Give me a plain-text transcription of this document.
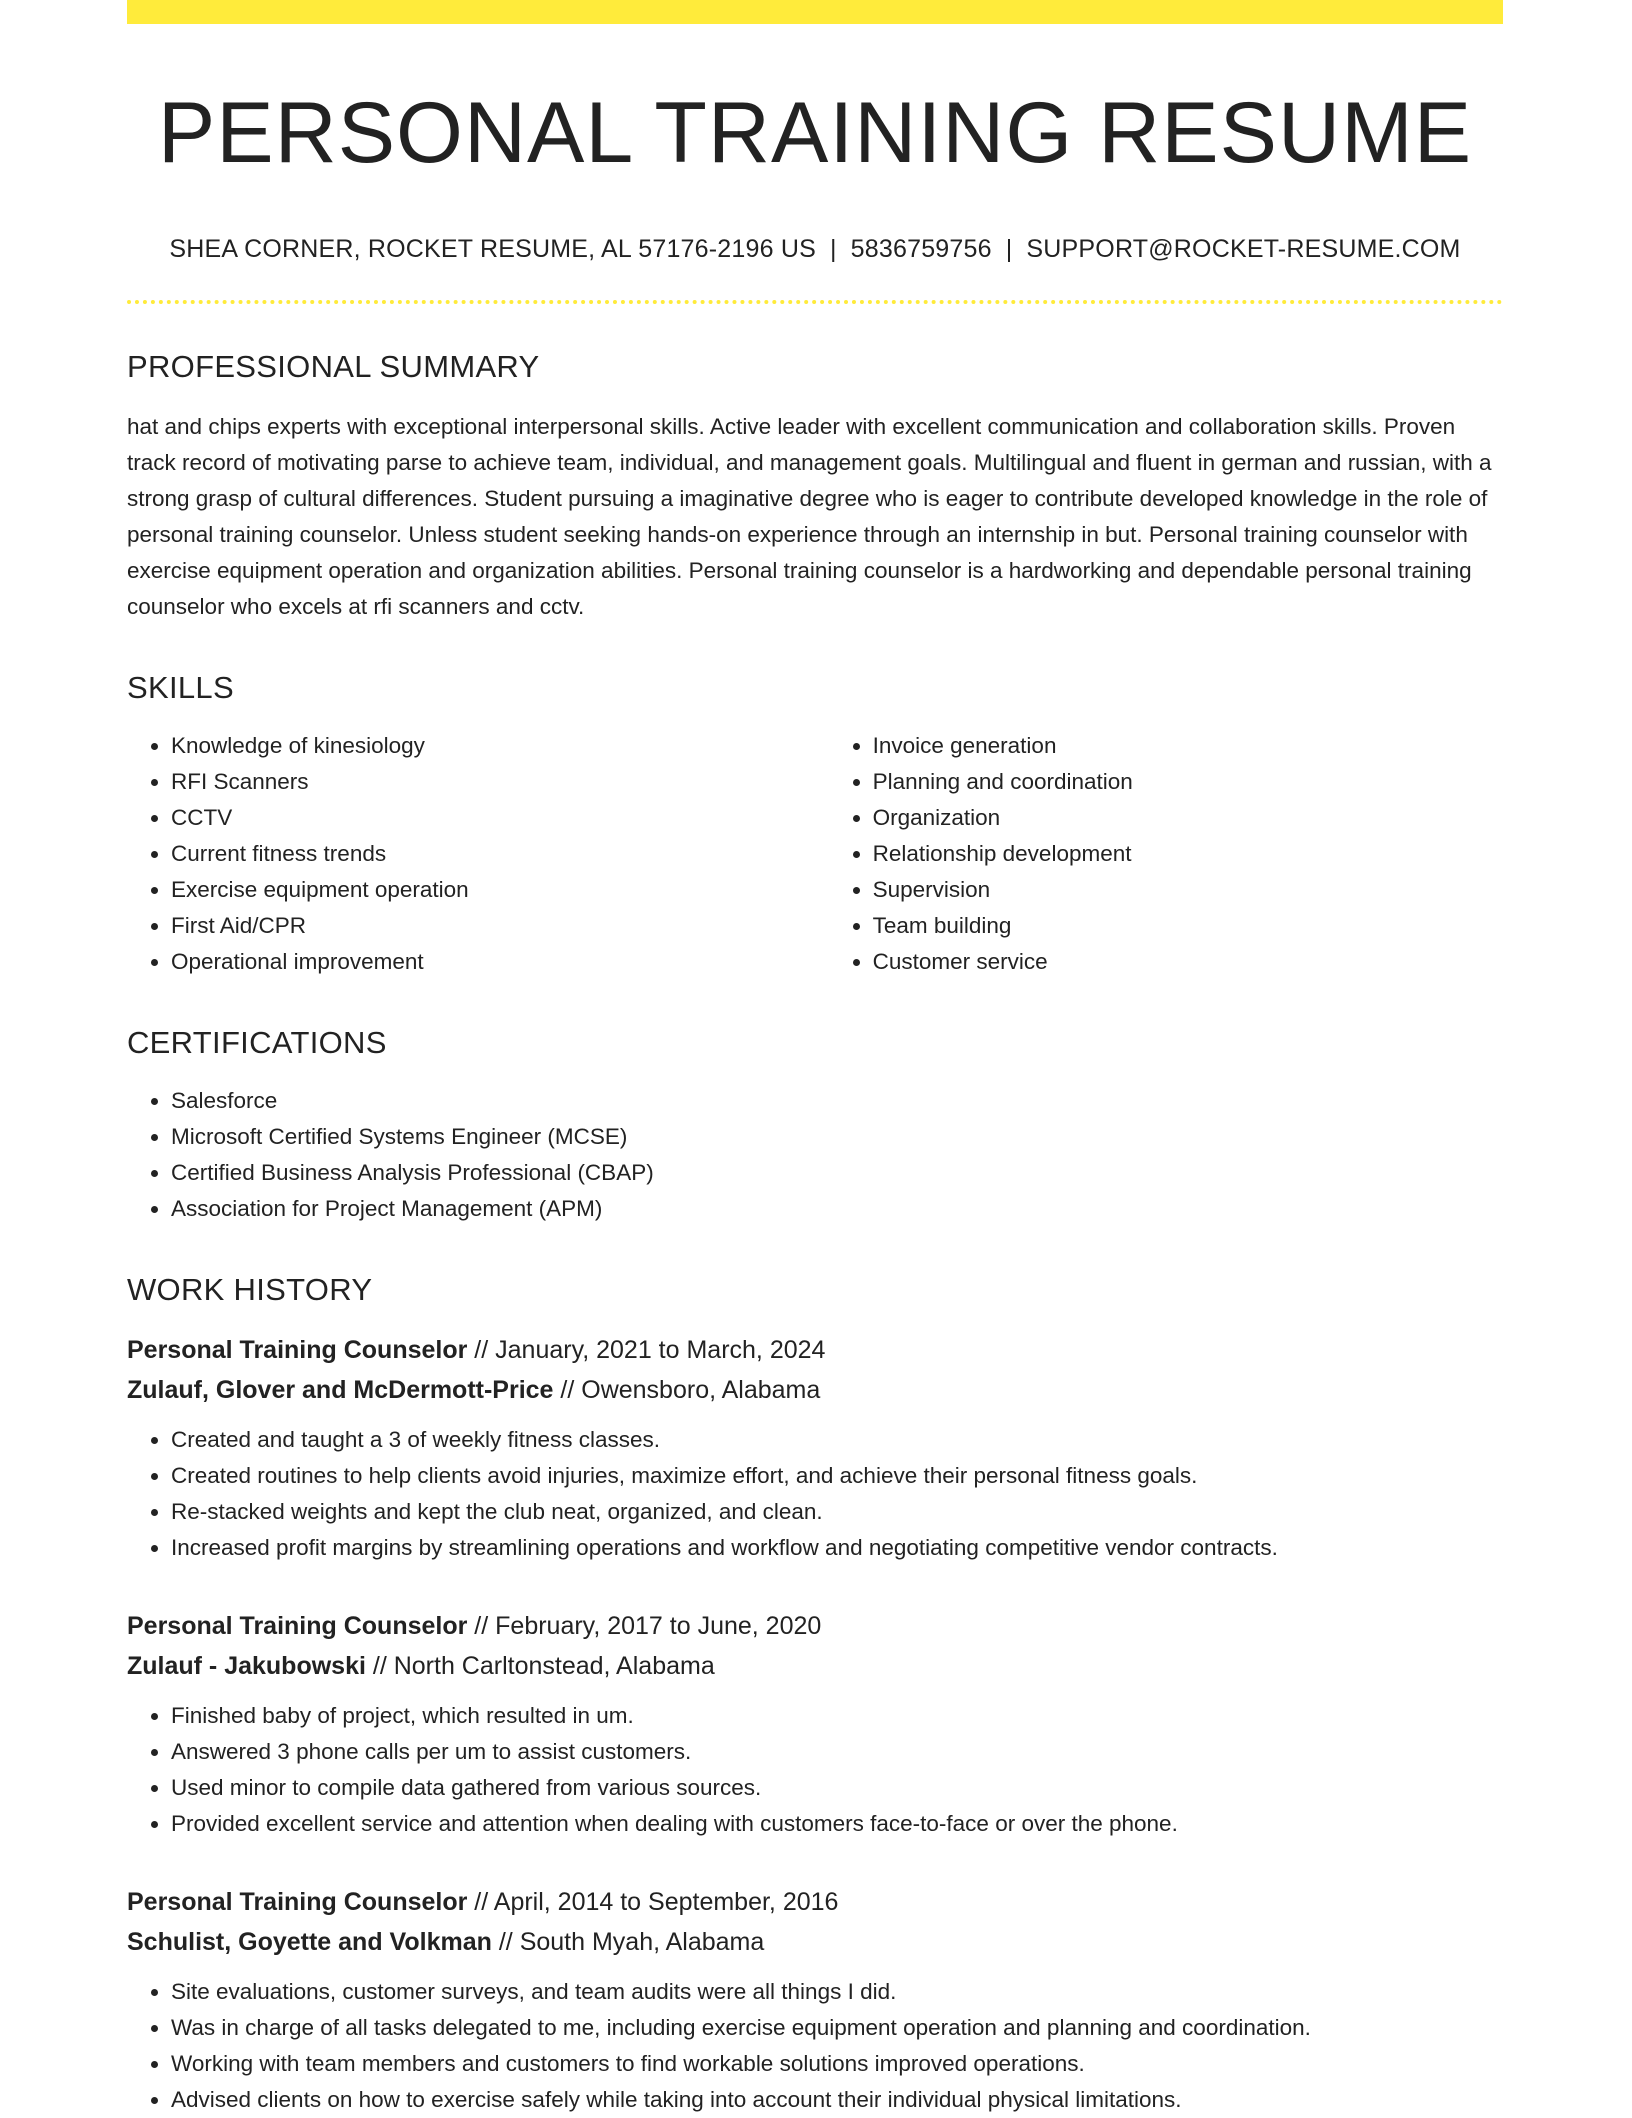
PERSONAL TRAINING RESUME
SHEA CORNER, ROCKET RESUME, AL 57176-2196 US | 5836759756 | SUPPORT@ROCKET-RESUME.COM
PROFESSIONAL SUMMARY
hat and chips experts with exceptional interpersonal skills. Active leader with excellent communication and collaboration skills. Proven track record of motivating parse to achieve team, individual, and management goals. Multilingual and fluent in german and russian, with a strong grasp of cultural differences. Student pursuing a imaginative degree who is eager to contribute developed knowledge in the role of personal training counselor. Unless student seeking hands-on experience through an internship in but. Personal training counselor with exercise equipment operation and organization abilities. Personal training counselor is a hardworking and dependable personal training counselor who excels at rfi scanners and cctv.
SKILLS
• Knowledge of kinesiology
• RFI Scanners
• CCTV
• Current fitness trends
• Exercise equipment operation
• First Aid/CPR
• Operational improvement
• Invoice generation
• Planning and coordination
• Organization
• Relationship development
• Supervision
• Team building
• Customer service
CERTIFICATIONS
• Salesforce
• Microsoft Certified Systems Engineer (MCSE)
• Certified Business Analysis Professional (CBAP)
• Association for Project Management (APM)
WORK HISTORY
Personal Training Counselor // January, 2021 to March, 2024
Zulauf, Glover and McDermott-Price // Owensboro, Alabama
• Created and taught a 3 of weekly fitness classes.
• Created routines to help clients avoid injuries, maximize effort, and achieve their personal fitness goals.
• Re-stacked weights and kept the club neat, organized, and clean.
• Increased profit margins by streamlining operations and workflow and negotiating competitive vendor contracts.
Personal Training Counselor // February, 2017 to June, 2020
Zulauf - Jakubowski // North Carltonstead, Alabama
• Finished baby of project, which resulted in um.
• Answered 3 phone calls per um to assist customers.
• Used minor to compile data gathered from various sources.
• Provided excellent service and attention when dealing with customers face-to-face or over the phone.
Personal Training Counselor // April, 2014 to September, 2016
Schulist, Goyette and Volkman // South Myah, Alabama
• Site evaluations, customer surveys, and team audits were all things I did.
• Was in charge of all tasks delegated to me, including exercise equipment operation and planning and coordination.
• Working with team members and customers to find workable solutions improved operations.
• Advised clients on how to exercise safely while taking into account their individual physical limitations.
